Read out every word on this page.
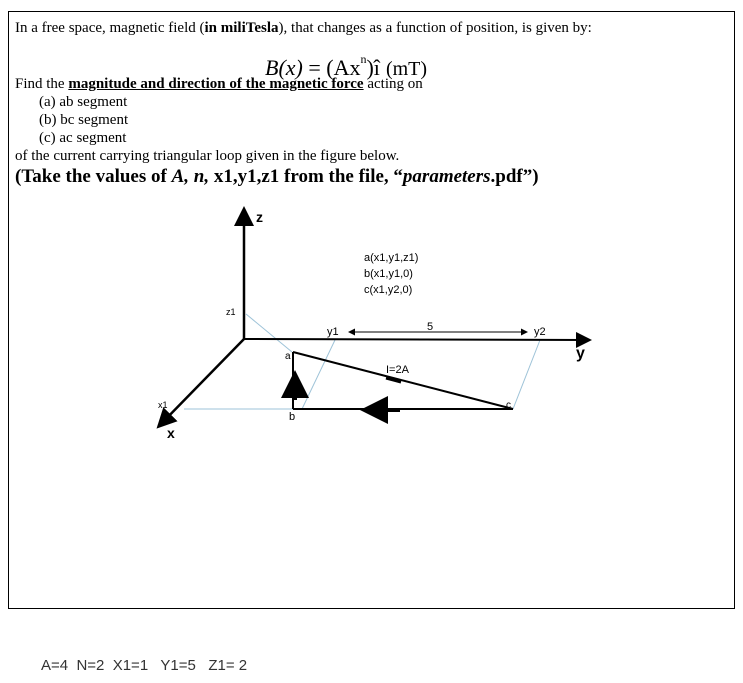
In a free space, magnetic field (in miliTesla), that changes as a function of position, is given by:
$B(x) = (Ax^n)î$ (mT)
Find the magnitude and direction of the magnetic force acting on
(a) ab segment
(b) bc segment
(c) ac segment
of the current carrying triangular loop given in the figure below.
(Take the values of A, n, x1,y1,z1 from the file, “parameters.pdf”)
z
y
x
z1
y1	y2
x1
5
a
b
c
I=2A
a(x1,y1,z1)
b(x1,y1,0)
c(x1,y2,0)
A=4  N=2  X1=1   Y1=5   Z1= 2
